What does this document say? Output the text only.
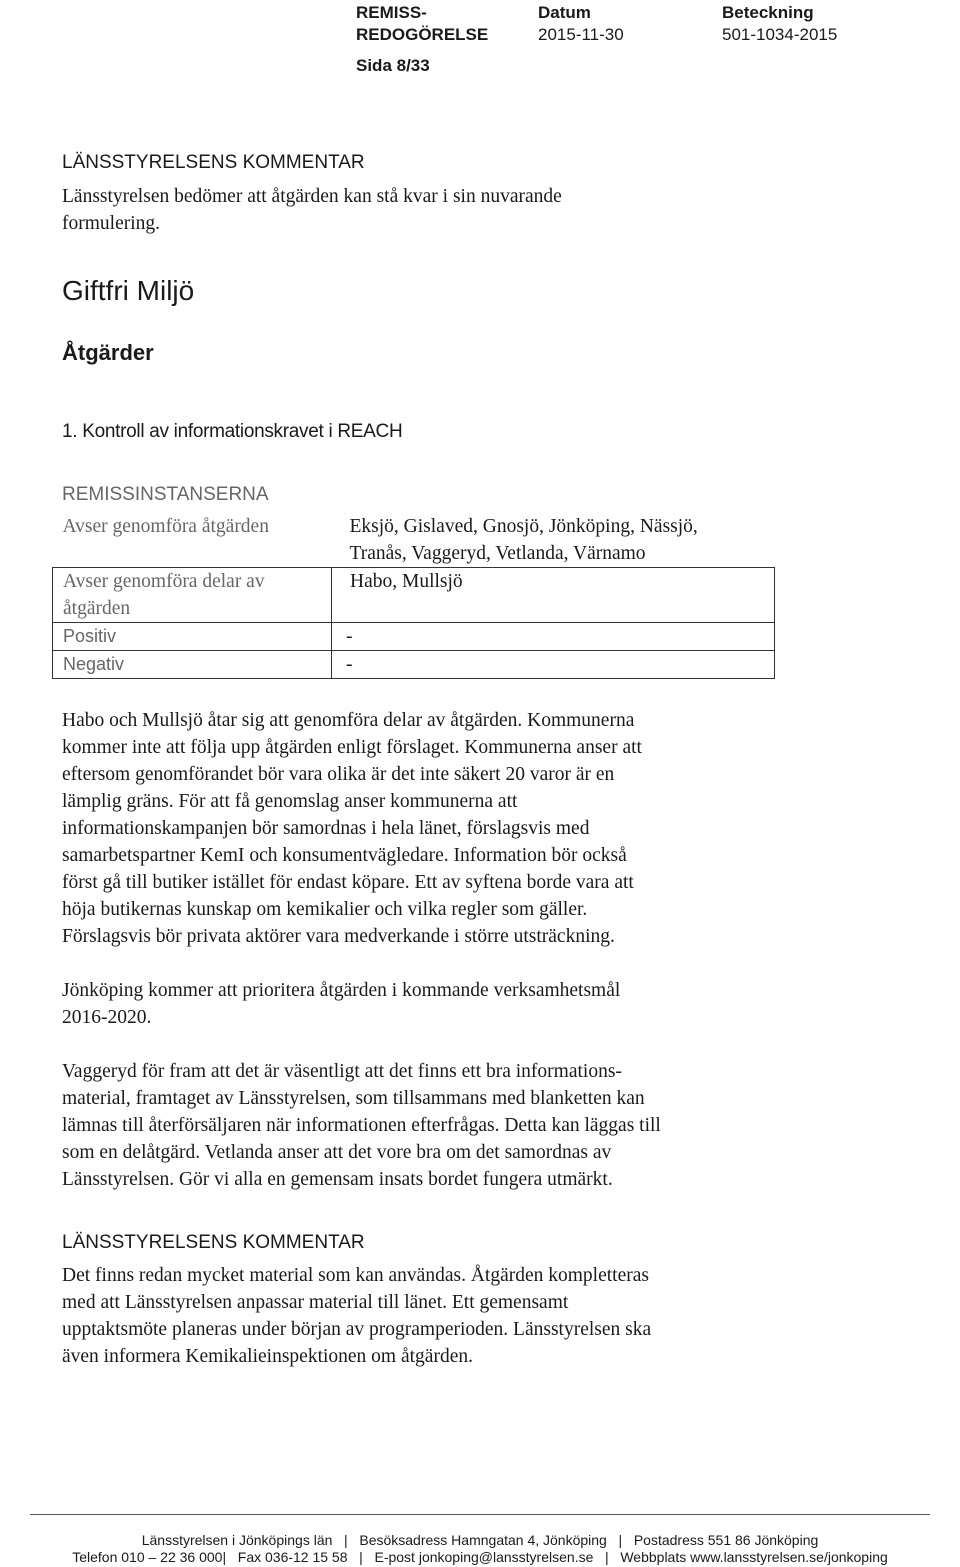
REMISS-
REDOGÖRELSE
Sida 8/33
Datum
2015-11-30
Beteckning
501-1034-2015
LÄNSSTYRELSENS KOMMENTAR
Länsstyrelsen bedömer att åtgärden kan stå kvar i sin nuvarande
formulering.
Giftfri Miljö
Åtgärder
1. Kontroll av informationskravet i REACH
REMISSINSTANSERNA
Avser genomföra åtgärden	Eksjö, Gislaved, Gnosjö, Jönköping, Nässjö,
Tranås, Vaggeryd, Vetlanda, Värnamo

Avser genomföra delar av
åtgärden	Habo, Mullsjö

Positiv	-

Negativ	-
Habo och Mullsjö åtar sig att genomföra delar av åtgärden. Kommunerna
kommer inte att följa upp åtgärden enligt förslaget. Kommunerna anser att
eftersom genomförandet bör vara olika är det inte säkert 20 varor är en
lämplig gräns. För att få genomslag anser kommunerna att
informationskampanjen bör samordnas i hela länet, förslagsvis med
samarbetspartner KemI och konsumentvägledare. Information bör också
först gå till butiker istället för endast köpare. Ett av syftena borde vara att
höja butikernas kunskap om kemikalier och vilka regler som gäller.
Förslagsvis bör privata aktörer vara medverkande i större utsträckning.
Jönköping kommer att prioritera åtgärden i kommande verksamhetsmål
2016-2020.
Vaggeryd för fram att det är väsentligt att det finns ett bra informations-
material, framtaget av Länsstyrelsen, som tillsammans med blanketten kan
lämnas till återförsäljaren när informationen efterfrågas. Detta kan läggas till
som en delåtgärd. Vetlanda anser att det vore bra om det samordnas av
Länsstyrelsen. Gör vi alla en gemensam insats bordet fungera utmärkt.
LÄNSSTYRELSENS KOMMENTAR
Det finns redan mycket material som kan användas. Åtgärden kompletteras
med att Länsstyrelsen anpassar material till länet. Ett gemensamt
upptaktsmöte planeras under början av programperioden. Länsstyrelsen ska
även informera Kemikalieinspektionen om åtgärden.
Länsstyrelsen i Jönköpings län   |   Besöksadress Hamngatan 4, Jönköping   |   Postadress 551 86 Jönköping
Telefon 010 – 22 36 000|   Fax 036-12 15 58   |   E-post jonkoping@lansstyrelsen.se   |   Webbplats www.lansstyrelsen.se/jonkoping
